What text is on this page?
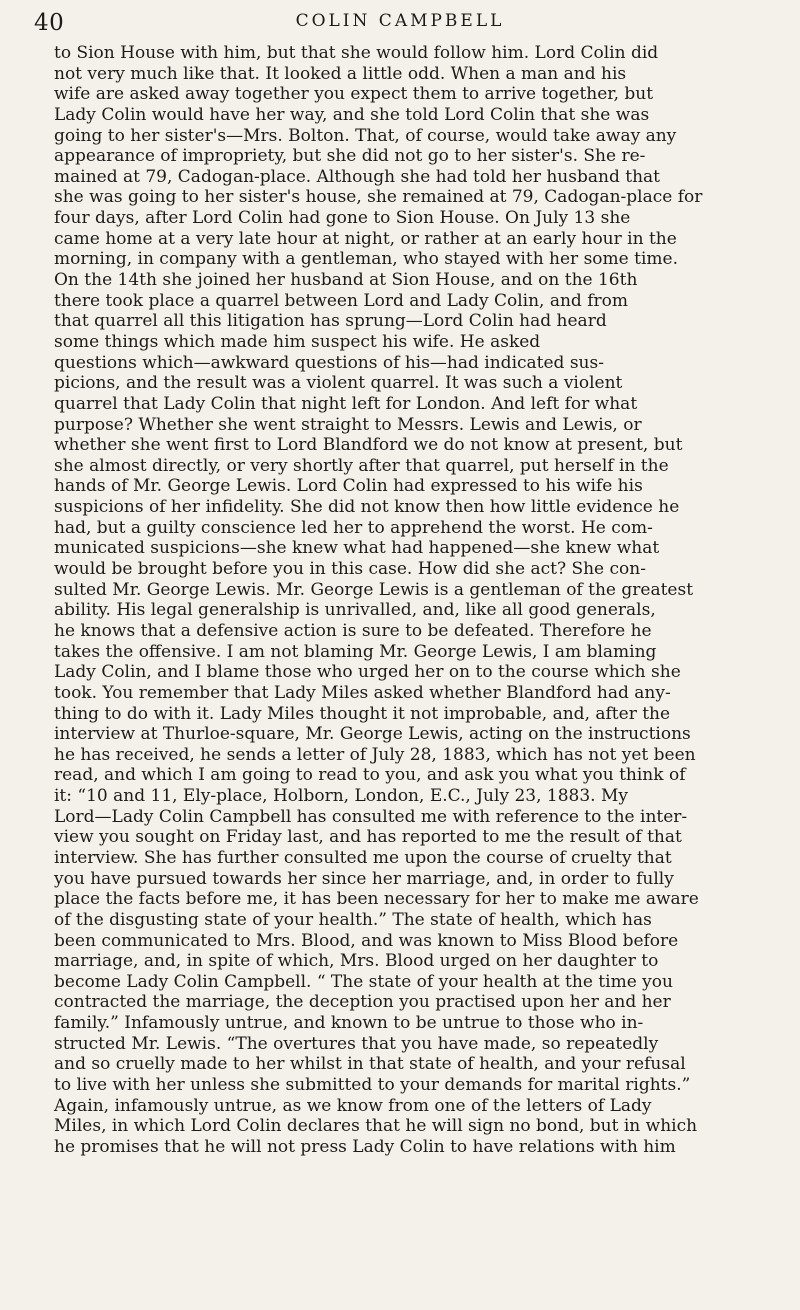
40	COLIN CAMPBELL
to Sion House with him, but that she would follow him. Lord Colin did
not very much like that. It looked a little odd. When a man and his
wife are asked away together you expect them to arrive together, but
Lady Colin would have her way, and she told Lord Colin that she was
going to her sister's—Mrs. Bolton. That, of course, would take away any
appearance of impropriety, but she did not go to her sister's. She re-
mained at 79, Cadogan-place. Although she had told her husband that
she was going to her sister's house, she remained at 79, Cadogan-place for
four days, after Lord Colin had gone to Sion House. On July 13 she
came home at a very late hour at night, or rather at an early hour in the
morning, in company with a gentleman, who stayed with her some time.
On the 14th she joined her husband at Sion House, and on the 16th
there took place a quarrel between Lord and Lady Colin, and from
that quarrel all this litigation has sprung—Lord Colin had heard
some things which made him suspect his wife. He asked
questions which—awkward questions of his—had indicated sus-
picions, and the result was a violent quarrel. It was such a violent
quarrel that Lady Colin that night left for London. And left for what
purpose? Whether she went straight to Messrs. Lewis and Lewis, or
whether she went first to Lord Blandford we do not know at present, but
she almost directly, or very shortly after that quarrel, put herself in the
hands of Mr. George Lewis. Lord Colin had expressed to his wife his
suspicions of her infidelity. She did not know then how little evidence he
had, but a guilty conscience led her to apprehend the worst. He com-
municated suspicions—she knew what had happened—she knew what
would be brought before you in this case. How did she act? She con-
sulted Mr. George Lewis. Mr. George Lewis is a gentleman of the greatest
ability. His legal generalship is unrivalled, and, like all good generals,
he knows that a defensive action is sure to be defeated. Therefore he
takes the offensive. I am not blaming Mr. George Lewis, I am blaming
Lady Colin, and I blame those who urged her on to the course which she
took. You remember that Lady Miles asked whether Blandford had any-
thing to do with it. Lady Miles thought it not improbable, and, after the
interview at Thurloe-square, Mr. George Lewis, acting on the instructions
he has received, he sends a letter of July 28, 1883, which has not yet been
read, and which I am going to read to you, and ask you what you think of
it: “10 and 11, Ely-place, Holborn, London, E.C., July 23, 1883. My
Lord—Lady Colin Campbell has consulted me with reference to the inter-
view you sought on Friday last, and has reported to me the result of that
interview. She has further consulted me upon the course of cruelty that
you have pursued towards her since her marriage, and, in order to fully
place the facts before me, it has been necessary for her to make me aware
of the disgusting state of your health.” The state of health, which has
been communicated to Mrs. Blood, and was known to Miss Blood before
marriage, and, in spite of which, Mrs. Blood urged on her daughter to
become Lady Colin Campbell. “ The state of your health at the time you
contracted the marriage, the deception you practised upon her and her
family.” Infamously untrue, and known to be untrue to those who in-
structed Mr. Lewis. “The overtures that you have made, so repeatedly
and so cruelly made to her whilst in that state of health, and your refusal
to live with her unless she submitted to your demands for marital rights.”
Again, infamously untrue, as we know from one of the letters of Lady
Miles, in which Lord Colin declares that he will sign no bond, but in which
he promises that he will not press Lady Colin to have relations with him
